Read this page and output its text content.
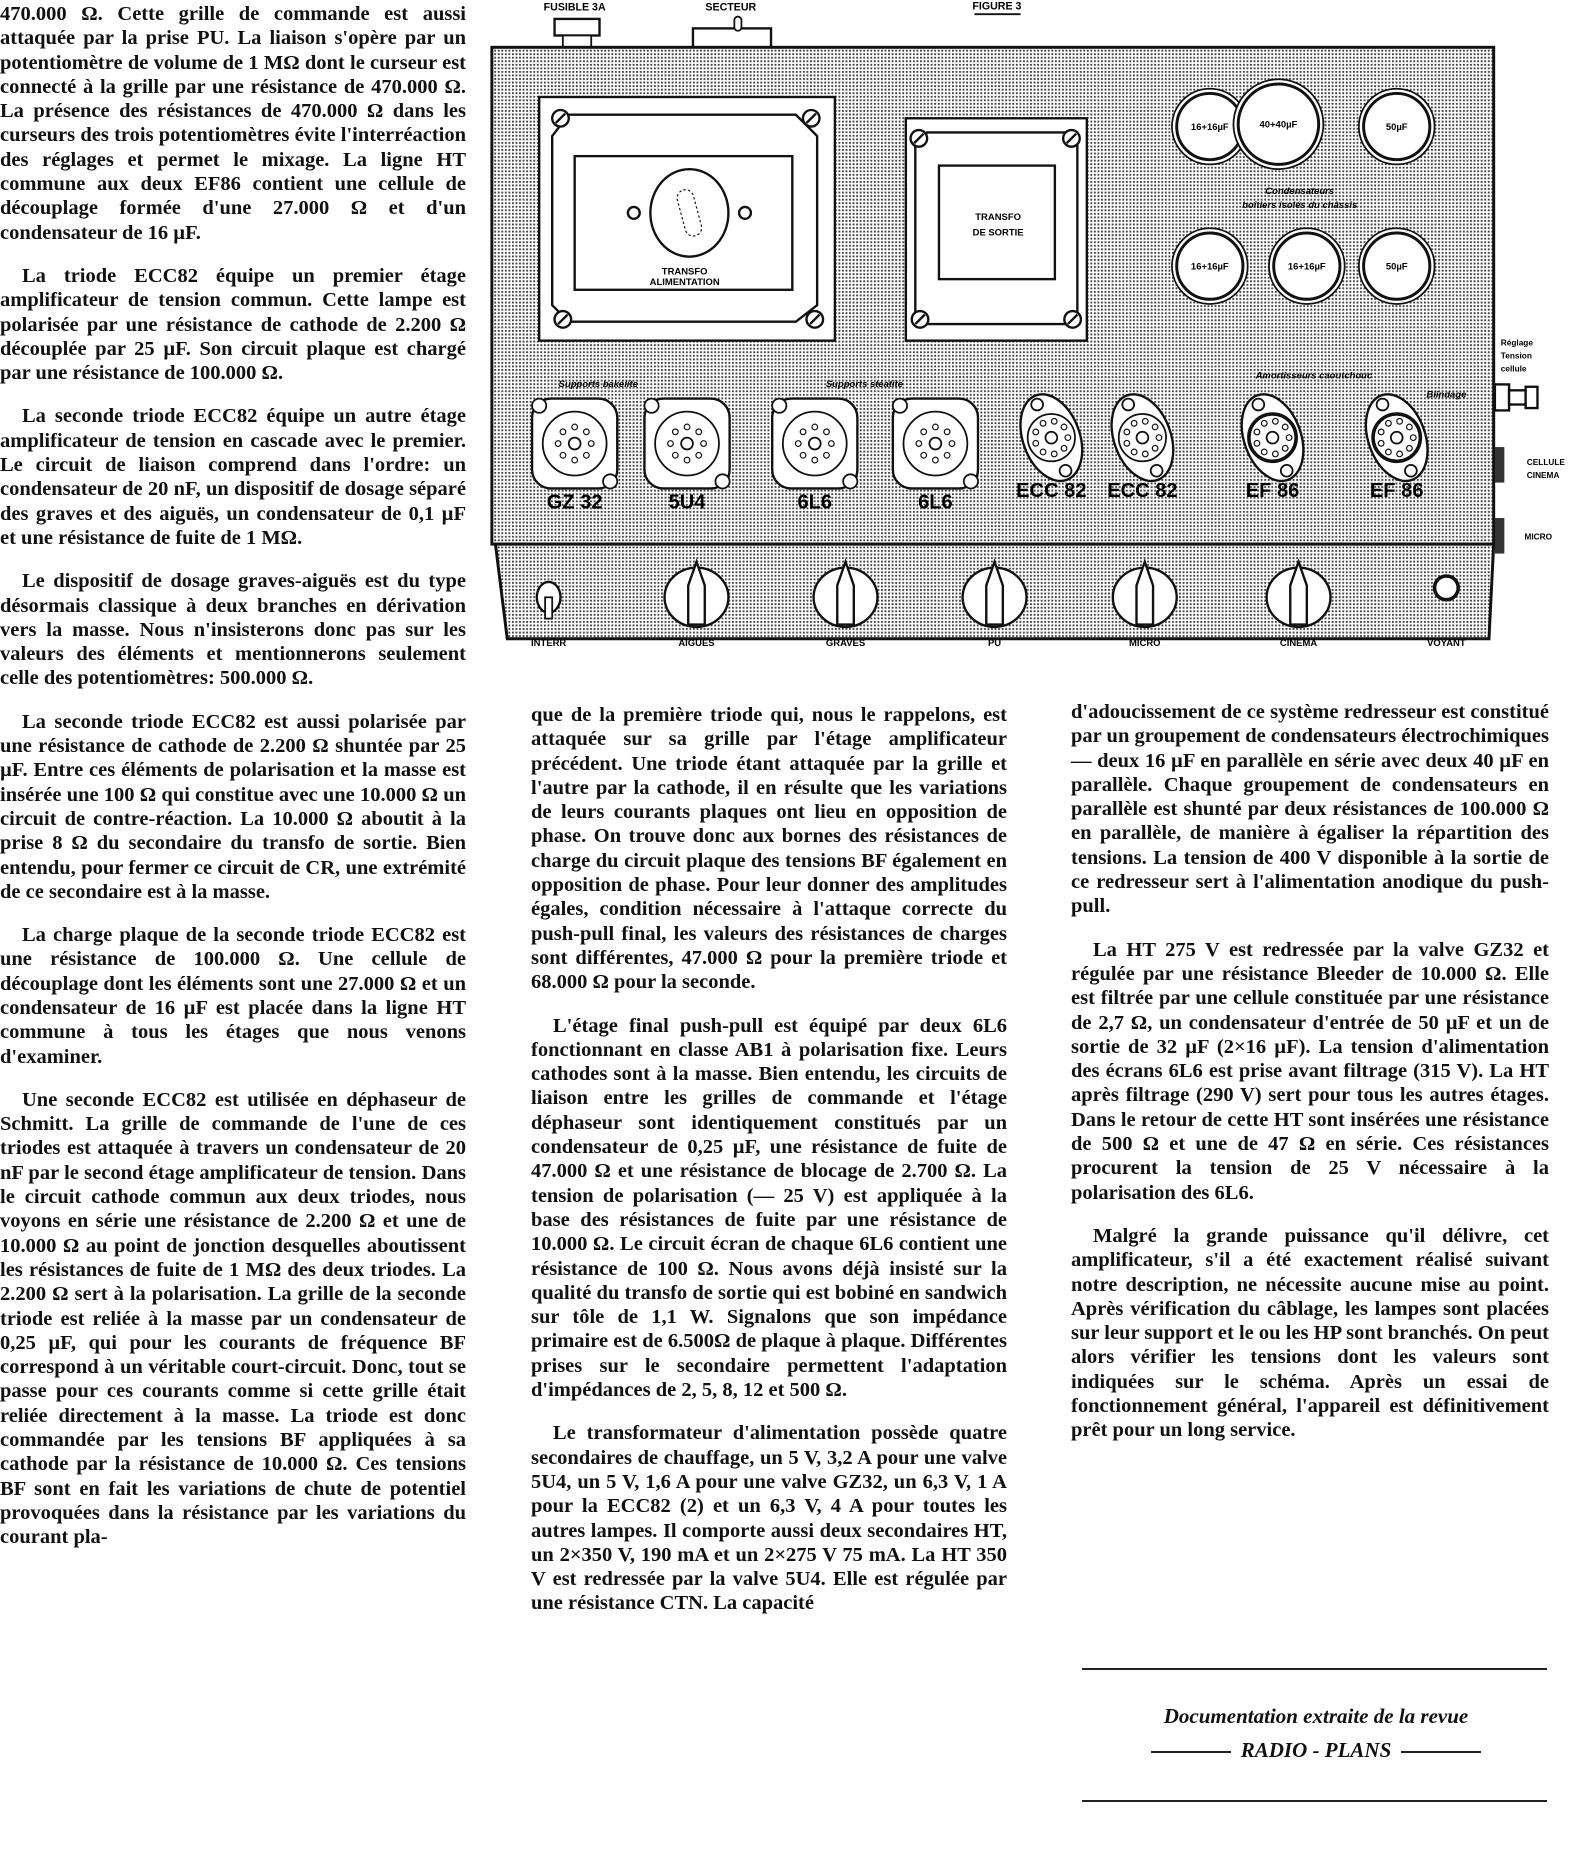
FUSIBLE 3A	SECTEUR	FIGURE 3
TRANSFO
ALIMENTATION
TRANSFO
DE SORTIE
16+16µF	40+40µF	50µF
16+16µF	16+16µF	50µF
Condensateurs
boîtiers isolés du châssis
Supports bakélite	Supports stéatite
Amortisseurs caoutchouc
Blindage
GZ 32	5U4	6L6	6L6
ECC 82 ECC 82	EF 86	EF 86
INTERR	AIGUËS	GRAVES	PU	MICRO	CINEMA	VOYANT
Réglage
Tension
cellule
CELLULE
CINEMA
MICRO

470.000 Ω. Cette grille de commande est aussi attaquée par la prise PU. La liaison s'opère par un potentiomètre de volume de 1 MΩ dont le curseur est connecté à la grille par une résistance de 470.000 Ω. La présence des résistances de 470.000 Ω dans les curseurs des trois potentiomètres évite l'interréaction des réglages et permet le mixage. La ligne HT commune aux deux EF86 contient une cellule de découplage formée d'une 27.000 Ω et d'un condensateur de 16 µF.

La triode ECC82 équipe un premier étage amplificateur de tension commun. Cette lampe est polarisée par une résistance de cathode de 2.200 Ω découplée par 25 µF. Son circuit plaque est chargé par une résistance de 100.000 Ω.

La seconde triode ECC82 équipe un autre étage amplificateur de tension en cascade avec le premier. Le circuit de liaison comprend dans l'ordre: un condensateur de 20 nF, un dispositif de dosage séparé des graves et des aiguës, un condensateur de 0,1 µF et une résistance de fuite de 1 MΩ.

Le dispositif de dosage graves-aiguës est du type désormais classique à deux branches en dérivation vers la masse. Nous n'insisterons donc pas sur les valeurs des éléments et mentionnerons seulement celle des potentiomètres: 500.000 Ω.

La seconde triode ECC82 est aussi polarisée par une résistance de cathode de 2.200 Ω shuntée par 25 µF. Entre ces éléments de polarisation et la masse est insérée une 100 Ω qui constitue avec une 10.000 Ω un circuit de contre-réaction. La 10.000 Ω aboutit à la prise 8 Ω du secondaire du transfo de sortie. Bien entendu, pour fermer ce circuit de CR, une extrémité de ce secondaire est à la masse.

La charge plaque de la seconde triode ECC82 est une résistance de 100.000 Ω. Une cellule de découplage dont les éléments sont une 27.000 Ω et un condensateur de 16 µF est placée dans la ligne HT commune à tous les étages que nous venons d'examiner.

Une seconde ECC82 est utilisée en déphaseur de Schmitt. La grille de commande de l'une de ces triodes est attaquée à travers un condensateur de 20 nF par le second étage amplificateur de tension. Dans le circuit cathode commun aux deux triodes, nous voyons en série une résistance de 2.200 Ω et une de 10.000 Ω au point de jonction desquelles aboutissent les résistances de fuite de 1 MΩ des deux triodes. La 2.200 Ω sert à la polarisation. La grille de la seconde triode est reliée à la masse par un condensateur de 0,25 µF, qui pour les courants de fréquence BF correspond à un véritable court-circuit. Donc, tout se passe pour ces courants comme si cette grille était reliée directement à la masse. La triode est donc commandée par les tensions BF appliquées à sa cathode par la résistance de 10.000 Ω. Ces tensions BF sont en fait les variations de chute de potentiel provoquées dans la résistance par les variations du courant pla-

que de la première triode qui, nous le rappelons, est attaquée sur sa grille par l'étage amplificateur précédent. Une triode étant attaquée par la grille et l'autre par la cathode, il en résulte que les variations de leurs courants plaques ont lieu en opposition de phase. On trouve donc aux bornes des résistances de charge du circuit plaque des tensions BF également en opposition de phase. Pour leur donner des amplitudes égales, condition nécessaire à l'attaque correcte du push-pull final, les valeurs des résistances de charges sont différentes, 47.000 Ω pour la première triode et 68.000 Ω pour la seconde.

L'étage final push-pull est équipé par deux 6L6 fonctionnant en classe AB1 à polarisation fixe. Leurs cathodes sont à la masse. Bien entendu, les circuits de liaison entre les grilles de commande et l'étage déphaseur sont identiquement constitués par un condensateur de 0,25 µF, une résistance de fuite de 47.000 Ω et une résistance de blocage de 2.700 Ω. La tension de polarisation (— 25 V) est appliquée à la base des résistances de fuite par une résistance de 10.000 Ω. Le circuit écran de chaque 6L6 contient une résistance de 100 Ω. Nous avons déjà insisté sur la qualité du transfo de sortie qui est bobiné en sandwich sur tôle de 1,1 W. Signalons que son impédance primaire est de 6.500Ω de plaque à plaque. Différentes prises sur le secondaire permettent l'adaptation d'impédances de 2, 5, 8, 12 et 500 Ω.

Le transformateur d'alimentation possède quatre secondaires de chauffage, un 5 V, 3,2 A pour une valve 5U4, un 5 V, 1,6 A pour une valve GZ32, un 6,3 V, 1 A pour la ECC82 (2) et un 6,3 V, 4 A pour toutes les autres lampes. Il comporte aussi deux secondaires HT, un 2×350 V, 190 mA et un 2×275 V 75 mA. La HT 350 V est redressée par la valve 5U4. Elle est régulée par une résistance CTN. La capacité

d'adoucissement de ce système redresseur est constitué par un groupement de condensateurs électrochimiques — deux 16 µF en parallèle en série avec deux 40 µF en parallèle. Chaque groupement de condensateurs en parallèle est shunté par deux résistances de 100.000 Ω en parallèle, de manière à égaliser la répartition des tensions. La tension de 400 V disponible à la sortie de ce redresseur sert à l'alimentation anodique du push-pull.

La HT 275 V est redressée par la valve GZ32 et régulée par une résistance Bleeder de 10.000 Ω. Elle est filtrée par une cellule constituée par une résistance de 2,7 Ω, un condensateur d'entrée de 50 µF et un de sortie de 32 µF (2×16 µF). La tension d'alimentation des écrans 6L6 est prise avant filtrage (315 V). La HT après filtrage (290 V) sert pour tous les autres étages. Dans le retour de cette HT sont insérées une résistance de 500 Ω et une de 47 Ω en série. Ces résistances procurent la tension de 25 V nécessaire à la polarisation des 6L6.

Malgré la grande puissance qu'il délivre, cet amplificateur, s'il a été exactement réalisé suivant notre description, ne nécessite aucune mise au point. Après vérification du câblage, les lampes sont placées sur leur support et le ou les HP sont branchés. On peut alors vérifier les tensions dont les valeurs sont indiquées sur le schéma. Après un essai de fonctionnement général, l'appareil est définitivement prêt pour un long service.

Documentation extraite de la revue
RADIO - PLANS
